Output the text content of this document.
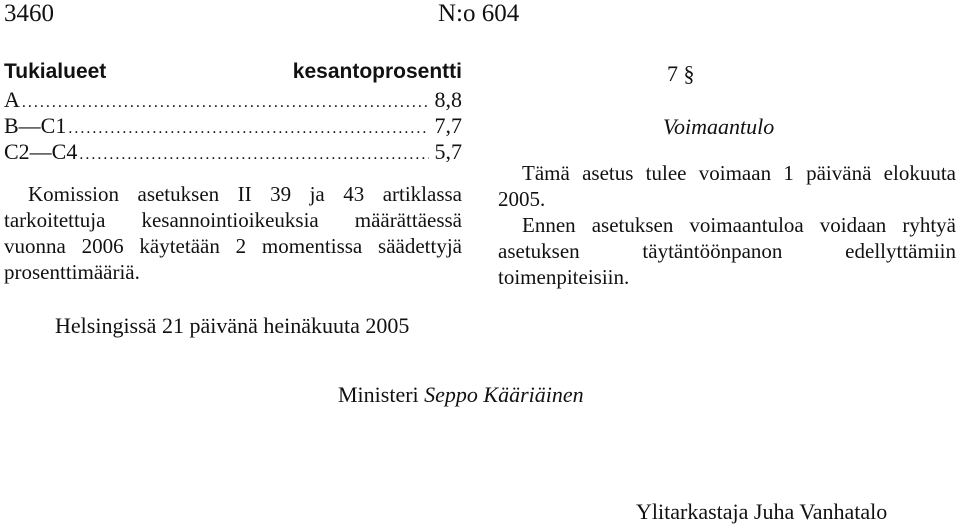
3460	N:o 604
Tukialueet	kesantoprosentti
A .....	8,8
B—C1 .....	7,7
C2—C4 .....	5,7
Komission asetuksen II 39 ja 43 artiklassa tarkoitettuja kesannointioikeuksia määrättäessä vuonna 2006 käytetään 2 momentissa säädettyjä prosenttimääriä.
7 §
Voimaantulo
Tämä asetus tulee voimaan 1 päivänä elokuuta 2005.
Ennen asetuksen voimaantuloa voidaan ryhtyä asetuksen täytäntöönpanon edellyttämiin toimenpiteisiin.
Helsingissä 21 päivänä heinäkuuta 2005
Ministeri Seppo Kääriäinen
Ylitarkastaja Juha Vanhatalo
